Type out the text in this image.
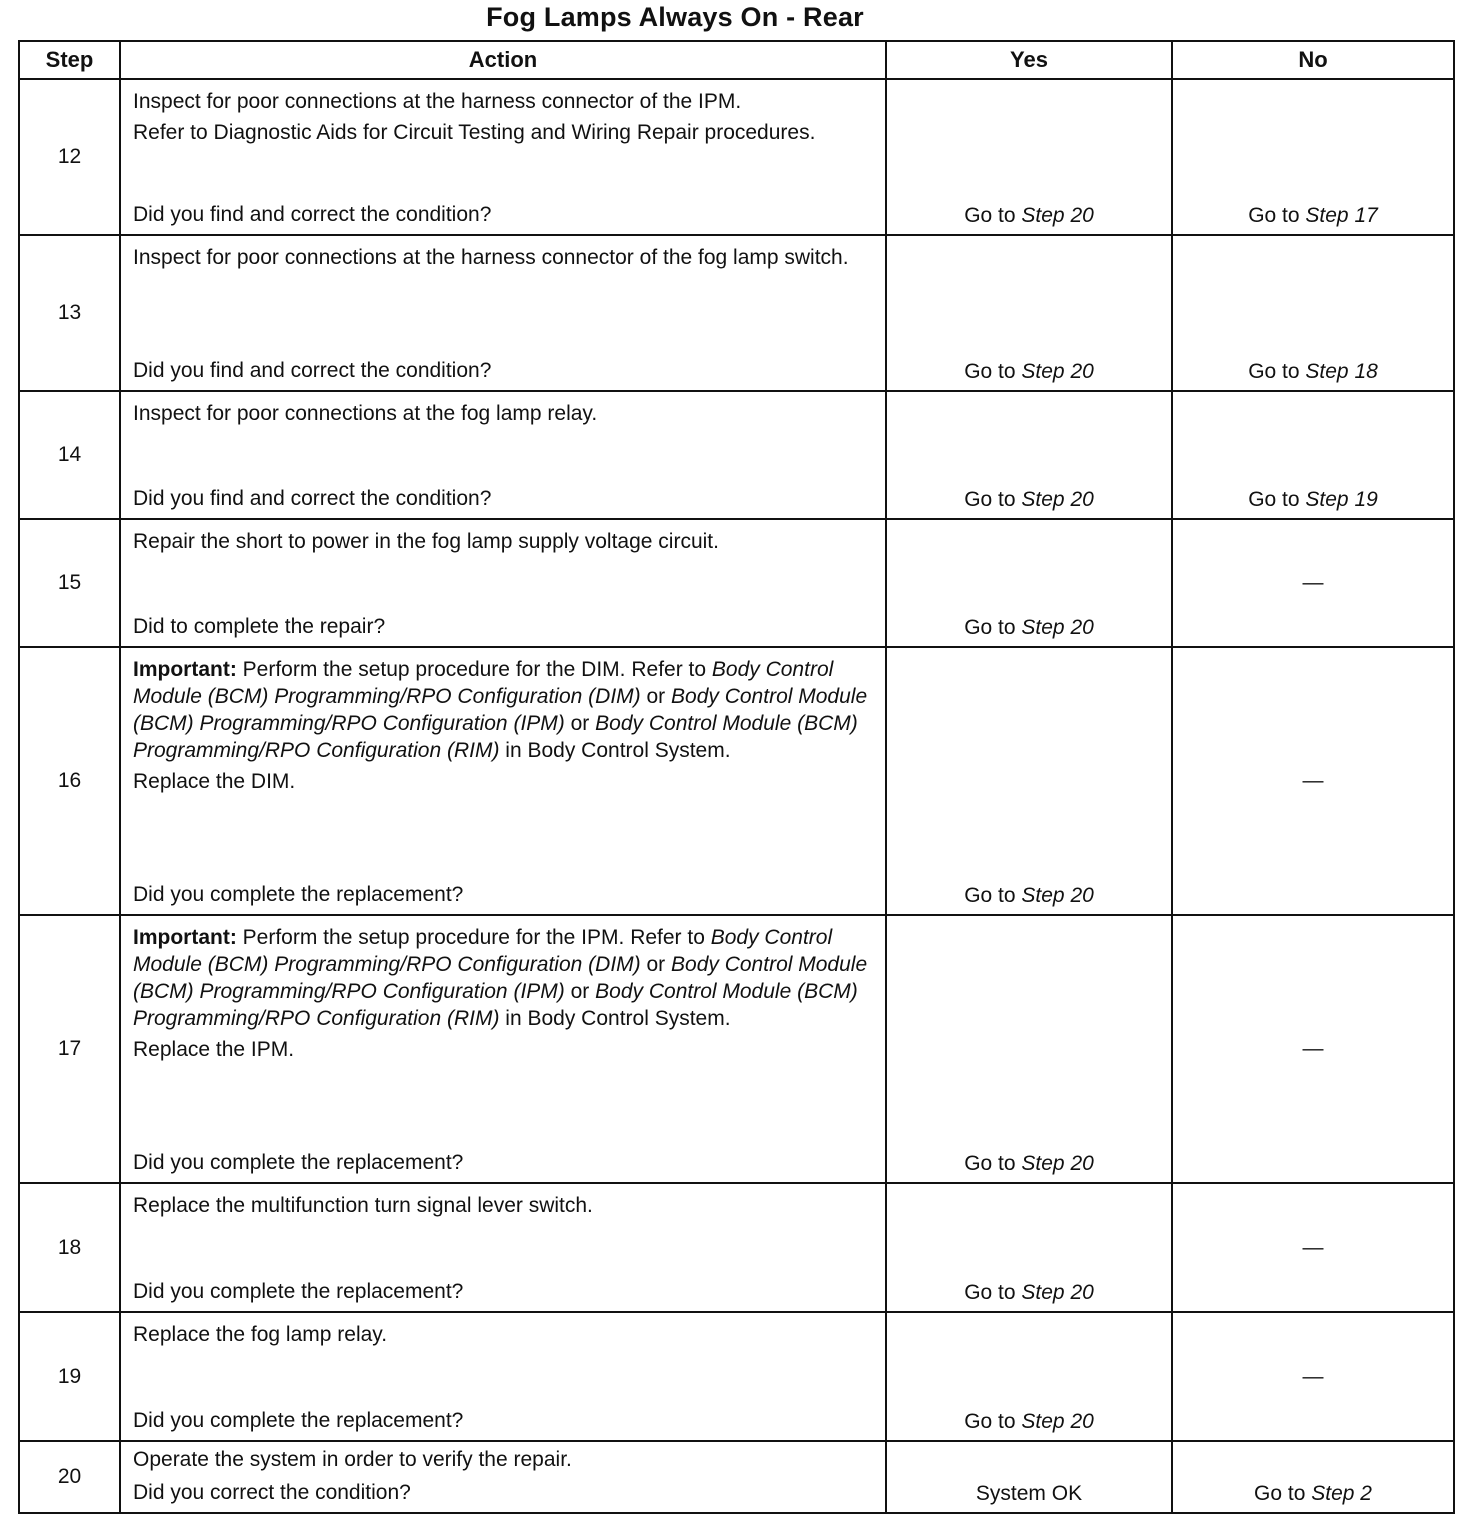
Fog Lamps Always On - Rear
Step	Action	Yes	No
12	Inspect for poor connections at the harness connector of the IPM.

Refer to Diagnostic Aids for Circuit Testing and Wiring Repair procedures.

Did you find and correct the condition?	Go to Step 20	Go to Step 17
13	Inspect for poor connections at the harness connector of the fog lamp switch.

Did you find and correct the condition?	Go to Step 20	Go to Step 18
14	Inspect for poor connections at the fog lamp relay.

Did you find and correct the condition?	Go to Step 20	Go to Step 19
15	Repair the short to power in the fog lamp supply voltage circuit.

Did to complete the repair?	Go to Step 20	—
16	Important: Perform the setup procedure for the DIM. Refer to Body Control Module (BCM) Programming/RPO Configuration (DIM) or Body Control Module (BCM) Programming/RPO Configuration (IPM) or Body Control Module (BCM) Programming/RPO Configuration (RIM) in Body Control System.

Replace the DIM.

Did you complete the replacement?	Go to Step 20	—
17	Important: Perform the setup procedure for the IPM. Refer to Body Control Module (BCM) Programming/RPO Configuration (DIM) or Body Control Module (BCM) Programming/RPO Configuration (IPM) or Body Control Module (BCM) Programming/RPO Configuration (RIM) in Body Control System.

Replace the IPM.

Did you complete the replacement?	Go to Step 20	—
18	Replace the multifunction turn signal lever switch.

Did you complete the replacement?	Go to Step 20	—
19	Replace the fog lamp relay.

Did you complete the replacement?	Go to Step 20	—
20	Operate the system in order to verify the repair.

Did you correct the condition?	System OK	Go to Step 2
